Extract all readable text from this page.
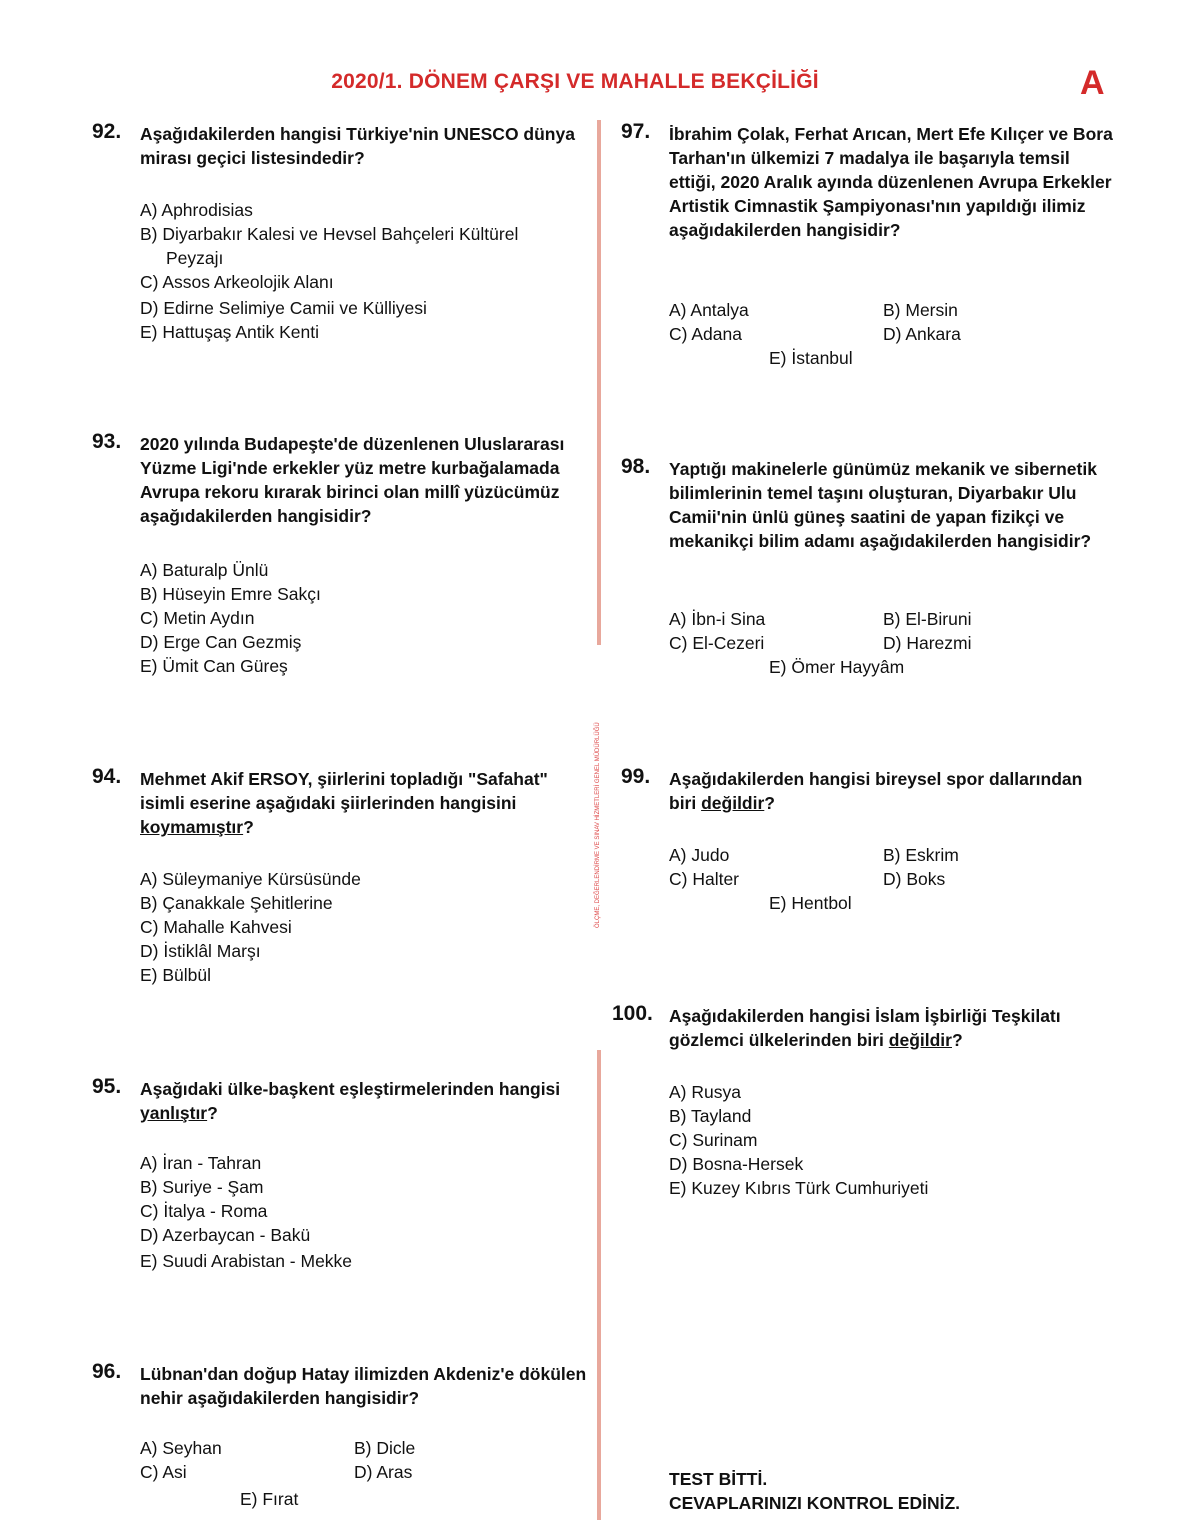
2020/1. DÖNEM ÇARŞI VE MAHALLE BEKÇİLİĞİ	A
ÖLÇME, DEĞERLENDİRME VE SINAV HİZMETLERİ GENEL MÜDÜRLÜĞÜ
92. Aşağıdakilerden hangisi Türkiye'nin UNESCO dünya mirası geçici listesindedir?
A) Aphrodisias
B) Diyarbakır Kalesi ve Hevsel Bahçeleri Kültürel
Peyzajı
C) Assos Arkeolojik Alanı
D) Edirne Selimiye Camii ve Külliyesi
E) Hattuşaş Antik Kenti
93. 2020 yılında Budapeşte'de düzenlenen Uluslararası Yüzme Ligi'nde erkekler yüz metre kurbağalamada Avrupa rekoru kırarak birinci olan millî yüzücümüz aşağıdakilerden hangisidir?
A) Baturalp Ünlü
B) Hüseyin Emre Sakçı
C) Metin Aydın
D) Erge Can Gezmiş
E) Ümit Can Güreş
94. Mehmet Akif ERSOY, şiirlerini topladığı "Safahat" isimli eserine aşağıdaki şiirlerinden hangisini koymamıştır?
A) Süleymaniye Kürsüsünde
B) Çanakkale Şehitlerine
C) Mahalle Kahvesi
D) İstiklâl Marşı
E) Bülbül
95. Aşağıdaki ülke-başkent eşleştirmelerinden hangisi yanlıştır?
A) İran - Tahran
B) Suriye - Şam
C) İtalya - Roma
D) Azerbaycan - Bakü
E) Suudi Arabistan - Mekke
96. Lübnan'dan doğup Hatay ilimizden Akdeniz'e dökülen nehir aşağıdakilerden hangisidir?
A) Seyhan	B) Dicle
C) Asi	D) Aras
E) Fırat
97. İbrahim Çolak, Ferhat Arıcan, Mert Efe Kılıçer ve Bora Tarhan'ın ülkemizi 7 madalya ile başarıyla temsil ettiği, 2020 Aralık ayında düzenlenen Avrupa Erkekler Artistik Cimnastik Şampiyonası'nın yapıldığı ilimiz aşağıdakilerden hangisidir?
A) Antalya	B) Mersin
C) Adana	D) Ankara
E) İstanbul
98. Yaptığı makinelerle günümüz mekanik ve sibernetik bilimlerinin temel taşını oluşturan, Diyarbakır Ulu Camii'nin ünlü güneş saatini de yapan fizikçi ve mekanikçi bilim adamı aşağıdakilerden hangisidir?
A) İbn-i Sina	B) El-Biruni
C) El-Cezeri	D) Harezmi
E) Ömer Hayyâm
99. Aşağıdakilerden hangisi bireysel spor dallarından biri değildir?
A) Judo	B) Eskrim
C) Halter	D) Boks
E) Hentbol
100. Aşağıdakilerden hangisi İslam İşbirliği Teşkilatı gözlemci ülkelerinden biri değildir?
A) Rusya
B) Tayland
C) Surinam
D) Bosna-Hersek
E) Kuzey Kıbrıs Türk Cumhuriyeti
TEST BİTTİ.
CEVAPLARINIZI KONTROL EDİNİZ.
